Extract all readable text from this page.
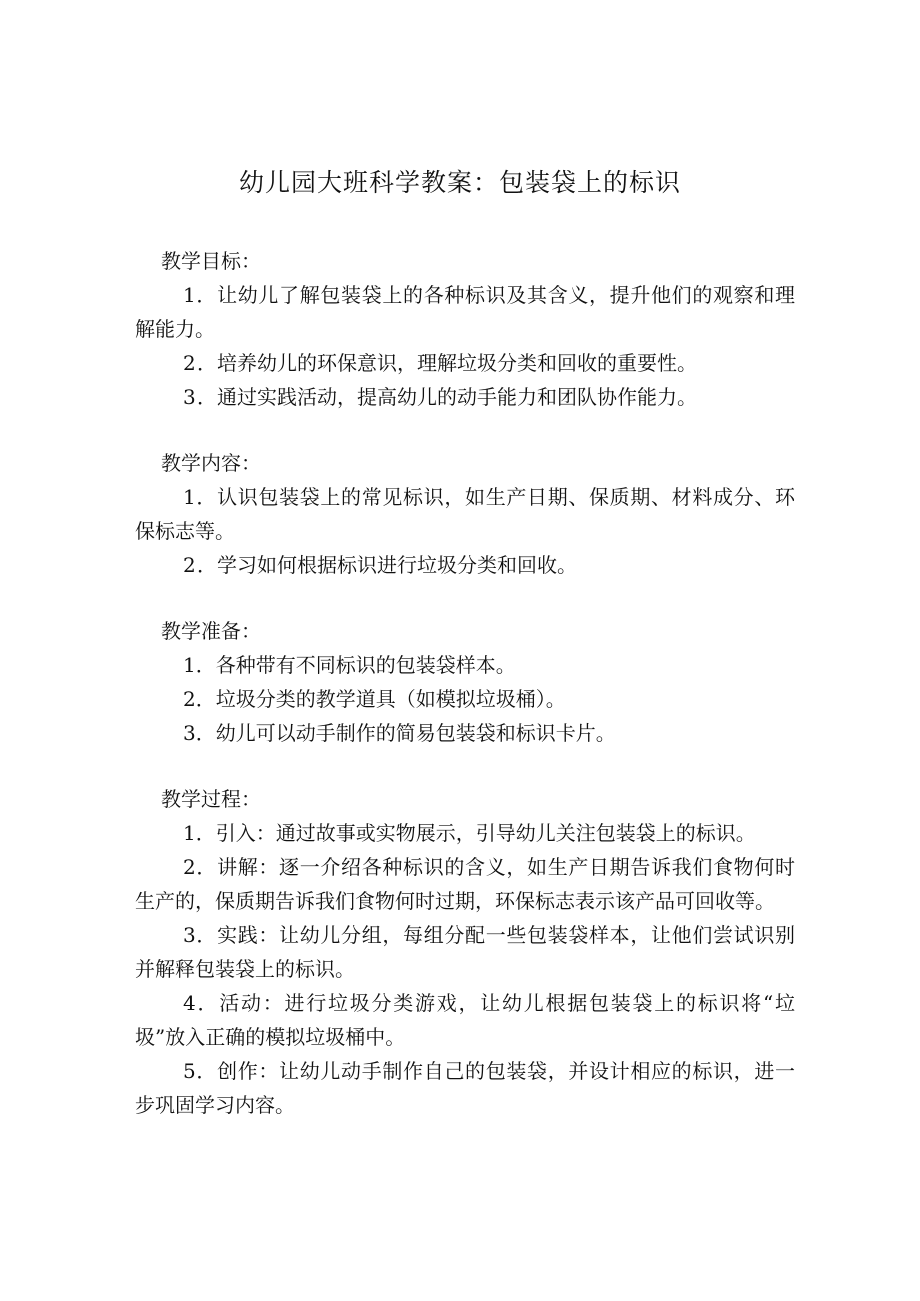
幼儿园大班科学教案：包装袋上的标识

教学目标：

1．让幼儿了解包装袋上的各种标识及其含义，提升他们的观察和理解能力。

2．培养幼儿的环保意识，理解垃圾分类和回收的重要性。

3．通过实践活动，提高幼儿的动手能力和团队协作能力。

教学内容：

1．认识包装袋上的常见标识，如生产日期、保质期、材料成分、环保标志等。

2．学习如何根据标识进行垃圾分类和回收。

教学准备：

1．各种带有不同标识的包装袋样本。

2．垃圾分类的教学道具（如模拟垃圾桶）。

3．幼儿可以动手制作的简易包装袋和标识卡片。

教学过程：

1．引入：通过故事或实物展示，引导幼儿关注包装袋上的标识。

2．讲解：逐一介绍各种标识的含义，如生产日期告诉我们食物何时生产的，保质期告诉我们食物何时过期，环保标志表示该产品可回收等。

3．实践：让幼儿分组，每组分配一些包装袋样本，让他们尝试识别并解释包装袋上的标识。

4．活动：进行垃圾分类游戏，让幼儿根据包装袋上的标识将“垃圾”放入正确的模拟垃圾桶中。

5．创作：让幼儿动手制作自己的包装袋，并设计相应的标识，进一步巩固学习内容。
